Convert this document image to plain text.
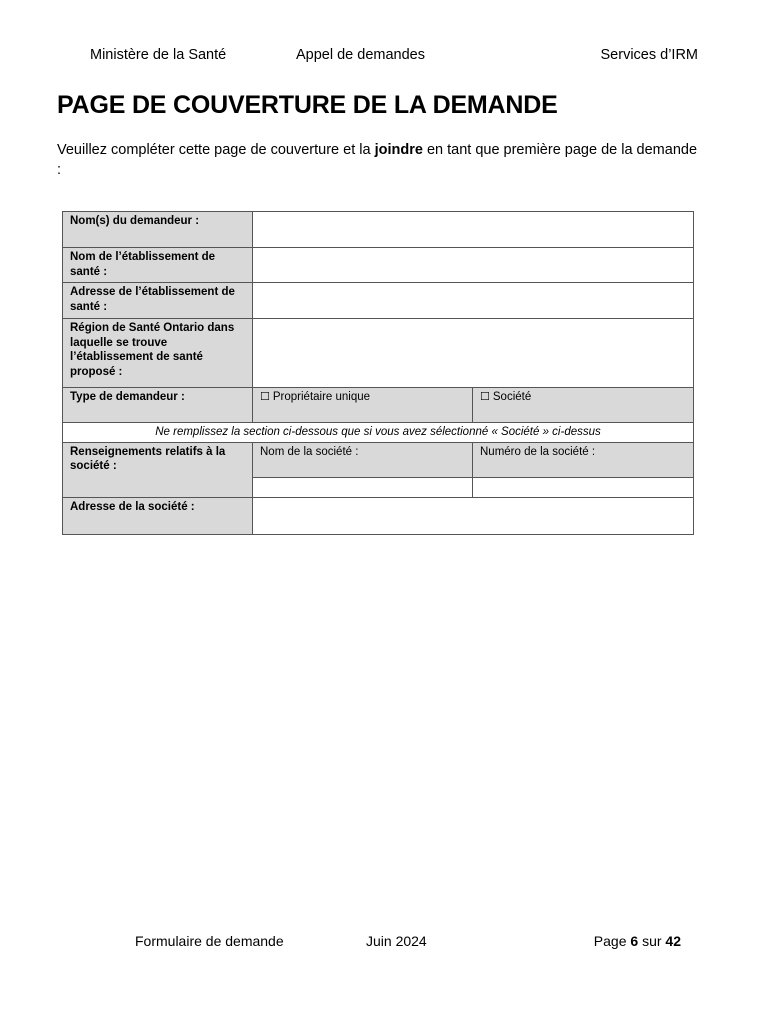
Ministère de la Santé	Appel de demandes	Services d’IRM
PAGE DE COUVERTURE DE LA DEMANDE

Veuillez compléter cette page de couverture et la joindre en tant que première page de la demande :

Nom(s) du demandeur :		
Nom de l’établissement de santé :		
Adresse de l’établissement de santé :		
Région de Santé Ontario dans laquelle se trouve l’établissement de santé proposé :		
Type de demandeur :	☐ Propriétaire unique	☐ Société
Ne remplissez la section ci-dessous que si vous avez sélectionné « Société » ci-dessus		
Renseignements relatifs à la société :	Nom de la société :	Numéro de la société :

Adresse de la société :		
Formulaire de demande	Juin 2024	Page 6 sur 42
